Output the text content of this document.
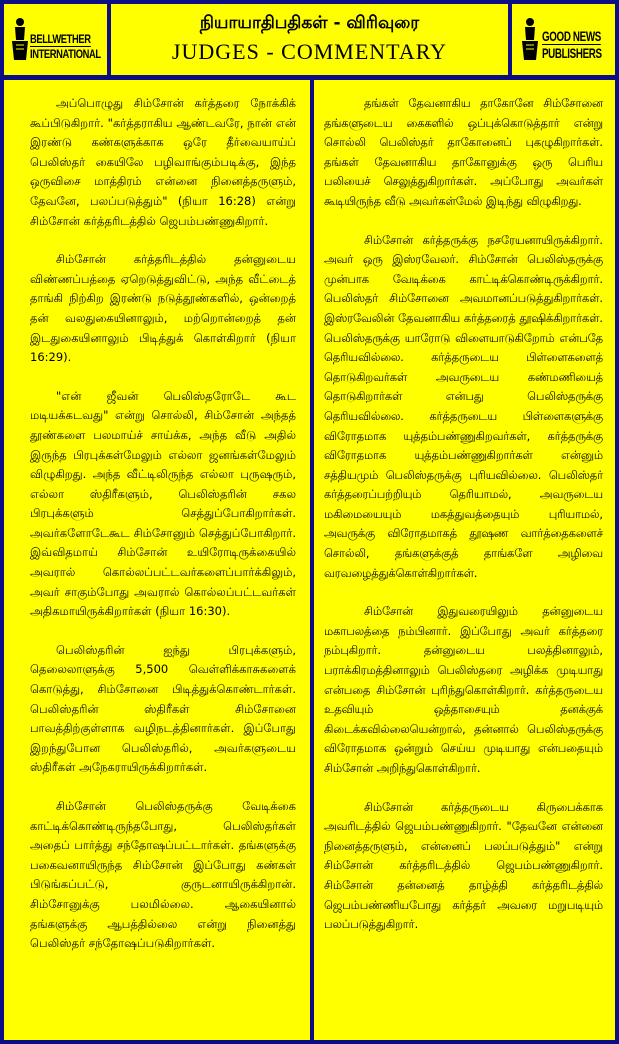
BELLWETHER
INTERNATIONAL
நியாயாதிபதிகள் - விரிவுரை
JUDGES - COMMENTARY
GOOD NEWS
PUBLISHERS

அப்பொழுது சிம்சோன் கர்த்தரை நோக்கிக் கூப்பிடுகிறார். "கர்த்தராகிய ஆண்டவரே, நான் என் இரண்டு கண்களுக்காக ஒரே தீர்வையாய்ப் பெலிஸ்தர் கையிலே பழிவாங்கும்படிக்கு, இந்த ஒருவிசை மாத்திரம் என்னை நினைத்தருளும், தேவனே, பலப்படுத்தும்" (நியா 16:28) என்று சிம்சோன் கர்த்தரிடத்தில் ஜெபம்பண்ணுகிறார்.

சிம்சோன் கர்த்தரிடத்தில் தன்னுடைய விண்ணப்பத்தை ஏறெடுத்துவிட்டு, அந்த வீட்டைத் தாங்கி நிற்கிற இரண்டு நடுத்தூண்களில், ஒன்றைத் தன் வலதுகையினாலும், மற்றொன்றைத் தன் இடதுகையினாலும் பிடித்துக் கொள்கிறார் (நியா 16:29).

"என் ஜீவன் பெலிஸ்தரோடே கூட மடியக்கடவது" என்று சொல்லி, சிம்சோன் அந்தத் தூண்களை பலமாய்ச் சாய்க்க, அந்த வீடு அதில் இருந்த பிரபுக்கள்மேலும் எல்லா ஜனங்கள்மேலும் விழுகிறது. அந்த வீட்டிலிருந்த எல்லா புருஷரும், எல்லா ஸ்திரீகளும், பெலிஸ்தரின் சகல பிரபுக்களும் செத்துப்போகிறார்கள். அவர்களோடேகூட சிம்சோனும் செத்துப்போகிறார். இவ்விதமாய் சிம்சோன் உயிரோடிருக்கையில் அவரால் கொல்லப்பட்டவர்களைப்பார்க்கிலும், அவர் சாகும்போது அவரால் கொல்லப்பட்டவர்கள் அதிகமாயிருக்கிறார்கள் (நியா 16:30).

பெலிஸ்தரின் ஐந்து பிரபுக்களும், தெலைலாளுக்கு 5,500 வெள்ளிக்காசுகளைக் கொடுத்து, சிம்சோனை பிடித்துக்கொண்டார்கள். பெலிஸ்தரின் ஸ்திரீகள் சிம்சோனை பாவத்திற்குள்ளாக வழிநடத்தினார்கள். இப்போது இறந்துபோன பெலிஸ்தரில், அவர்களுடைய ஸ்திரீகள் அநேகராயிருக்கிறார்கள்.

சிம்சோன் பெலிஸ்தருக்கு வேடிக்கை காட்டிக்கொண்டிருந்தபோது, பெலிஸ்தர்கள் அதைப் பார்த்து சந்தோஷப்பட்டார்கள். தங்களுக்கு பகைவனாயிருந்த சிம்சோன் இப்போது கண்கள் பிடுங்கப்பட்டு, குருடனாயிருக்கிறான். சிம்சோனுக்கு பலமில்லை. ஆகையினால் தங்களுக்கு ஆபத்தில்லை என்று நினைத்து பெலிஸ்தர் சந்தோஷப்படுகிறார்கள்.

தங்கள் தேவனாகிய தாகோனே சிம்சோனை தங்களுடைய கைகளில் ஒப்புக்கொடுத்தார் என்று சொல்லி பெலிஸ்தர் தாகோனைப் புகழுகிறார்கள். தங்கள் தேவனாகிய தாகோனுக்கு ஒரு பெரிய பலியைச் செலுத்துகிறார்கள். அப்போது அவர்கள் கூடியிருந்த வீடு அவர்கள்மேல் இடிந்து விழுகிறது.

சிம்சோன் கர்த்தருக்கு நசரேயனாயிருக்கிறார். அவர் ஒரு இஸ்ரவேலர். சிம்சோன் பெலிஸ்தருக்கு முன்பாக வேடிக்கை காட்டிக்கொண்டிருக்கிறார். பெலிஸ்தர் சிம்சோனை அவமானப்படுத்துகிறார்கள். இஸ்ரவேலின் தேவனாகிய கர்த்தரைத் தூஷிக்கிறார்கள். பெலிஸ்தருக்கு யாரோடு விளையாடுகிறோம் என்பதே தெரியவில்லை. கர்த்தருடைய பிள்ளைகளைத் தொடுகிறவர்கள் அவருடைய கண்மணியைத் தொடுகிறார்கள் என்பது பெலிஸ்தருக்கு தெரியவில்லை. கர்த்தருடைய பிள்ளைகளுக்கு விரோதமாக யுத்தம்பண்ணுகிறவர்கள், கர்த்தருக்கு விரோதமாக யுத்தம்பண்ணுகிறார்கள் என்னும் சத்தியமும் பெலிஸ்தருக்கு புரியவில்லை. பெலிஸ்தர் கர்த்தரைப்பற்றியும் தெரியாமல், அவருடைய மகிமையையும் மகத்துவத்தையும் புரியாமல், அவருக்கு விரோதமாகத் தூஷண வார்த்தைகளைச் சொல்லி, தங்களுக்குத் தாங்களே அழிவை வரவழைத்துக்கொள்கிறார்கள்.

சிம்சோன் இதுவரையிலும் தன்னுடைய மகாபலத்தை நம்பினார். இப்போது அவர் கர்த்தரை நம்புகிறார். தன்னுடைய பலத்தினாலும், பராக்கிரமத்தினாலும் பெலிஸ்தரை அழிக்க முடியாது என்பதை சிம்சோன் புரிந்துகொள்கிறார். கர்த்தருடைய உதவியும் ஒத்தாசையும் தனக்குக் கிடைக்கவில்லையென்றால், தன்னால் பெலிஸ்தருக்கு விரோதமாக ஒன்றும் செய்ய முடியாது என்பதையும் சிம்சோன் அறிந்துகொள்கிறார்.

சிம்சோன் கர்த்தருடைய கிருபைக்காக அவரிடத்தில் ஜெபம்பண்ணுகிறார். "தேவனே என்னை நினைத்தருளும், என்னைப் பலப்படுத்தும்" என்று சிம்சோன் கர்த்தரிடத்தில் ஜெபம்பண்ணுகிறார். சிம்சோன் தன்னைத் தாழ்த்தி கர்த்தரிடத்தில் ஜெபம்பண்ணியபோது கர்த்தர் அவரை மறுபடியும் பலப்படுத்துகிறார்.
